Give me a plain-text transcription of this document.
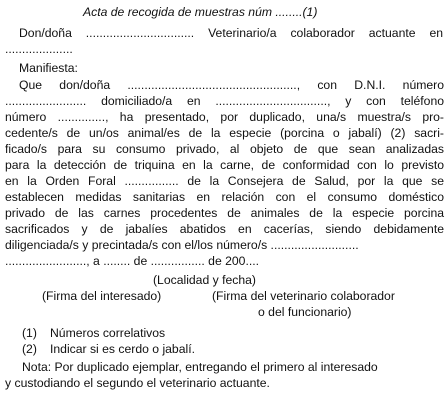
Acta de recogida de muestras núm ........(1)
Don/doña ................................ Veterinario/a colaborador actuante en
....................
Manifiesta:
Que don/doña .................................................., con D.N.I. número
........................ domiciliado/a en ................................., y con teléfono
número .............., ha presentado, por duplicado, una/s muestra/s pro-
cedente/s de un/os animal/es de la especie (porcina o jabalí) (2) sacri-
ficado/s para su consumo privado, al objeto de que sean analizadas
para la detección de triquina en la carne, de conformidad con lo previsto
en la Orden Foral ................ de la Consejera de Salud, por la que se
establecen medidas sanitarias en relación con el consumo doméstico
privado de las carnes procedentes de animales de la especie porcina
sacrificados y de jabalíes abatidos en cacerías, siendo debidamente
diligenciada/s y precintada/s con el/los número/s ..........................
........................, a ........ de ................ de 200....
(Localidad y fecha)
(Firma del interesado)	(Firma del veterinario colaborador
o del funcionario)
(1) Números correlativos
(2) Indicar si es cerdo o jabalí.
Nota: Por duplicado ejemplar, entregando el primero al interesado
y custodiando el segundo el veterinario actuante.
